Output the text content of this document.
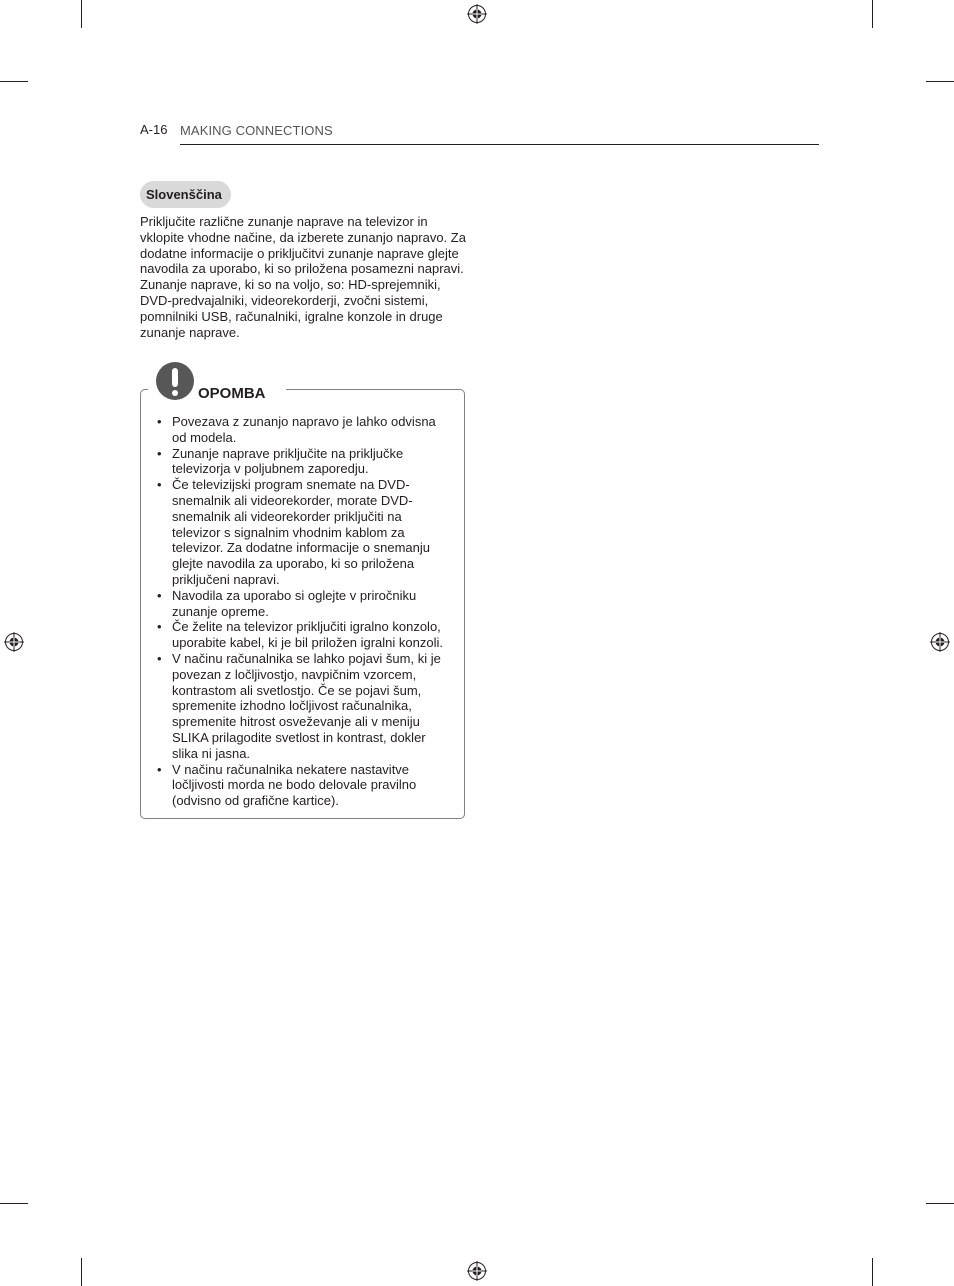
A-16 MAKING CONNECTIONS
Slovenščina

Priključite različne zunanje naprave na televizor in vklopite vhodne načine, da izberete zunanjo napravo. Za dodatne informacije o priključitvi zunanje naprave glejte navodila za uporabo, ki so priložena posamezni napravi.

Zunanje naprave, ki so na voljo, so: HD-sprejemniki, DVD-predvajalniki, videorekorderji, zvočni sistemi, pomnilniki USB, računalniki, igralne konzole in druge zunanje naprave.

OPOMBA
• Povezava z zunanjo napravo je lahko odvisna od modela.
• Zunanje naprave priključite na priključke televizorja v poljubnem zaporedju.
• Če televizijski program snemate na DVD-snemalnik ali videorekorder, morate DVD-snemalnik ali videorekorder priključiti na televizor s signalnim vhodnim kablom za televizor. Za dodatne informacije o snemanju glejte navodila za uporabo, ki so priložena priključeni napravi.
• Navodila za uporabo si oglejte v priročniku zunanje opreme.
• Če želite na televizor priključiti igralno konzolo, uporabite kabel, ki je bil priložen igralni konzoli.
• V načinu računalnika se lahko pojavi šum, ki je povezan z ločljivostjo, navpičnim vzorcem, kontrastom ali svetlostjo. Če se pojavi šum, spremenite izhodno ločljivost računalnika, spremenite hitrost osveževanje ali v meniju SLIKA prilagodite svetlost in kontrast, dokler slika ni jasna.
• V načinu računalnika nekatere nastavitve ločljivosti morda ne bodo delovale pravilno (odvisno od grafične kartice).
